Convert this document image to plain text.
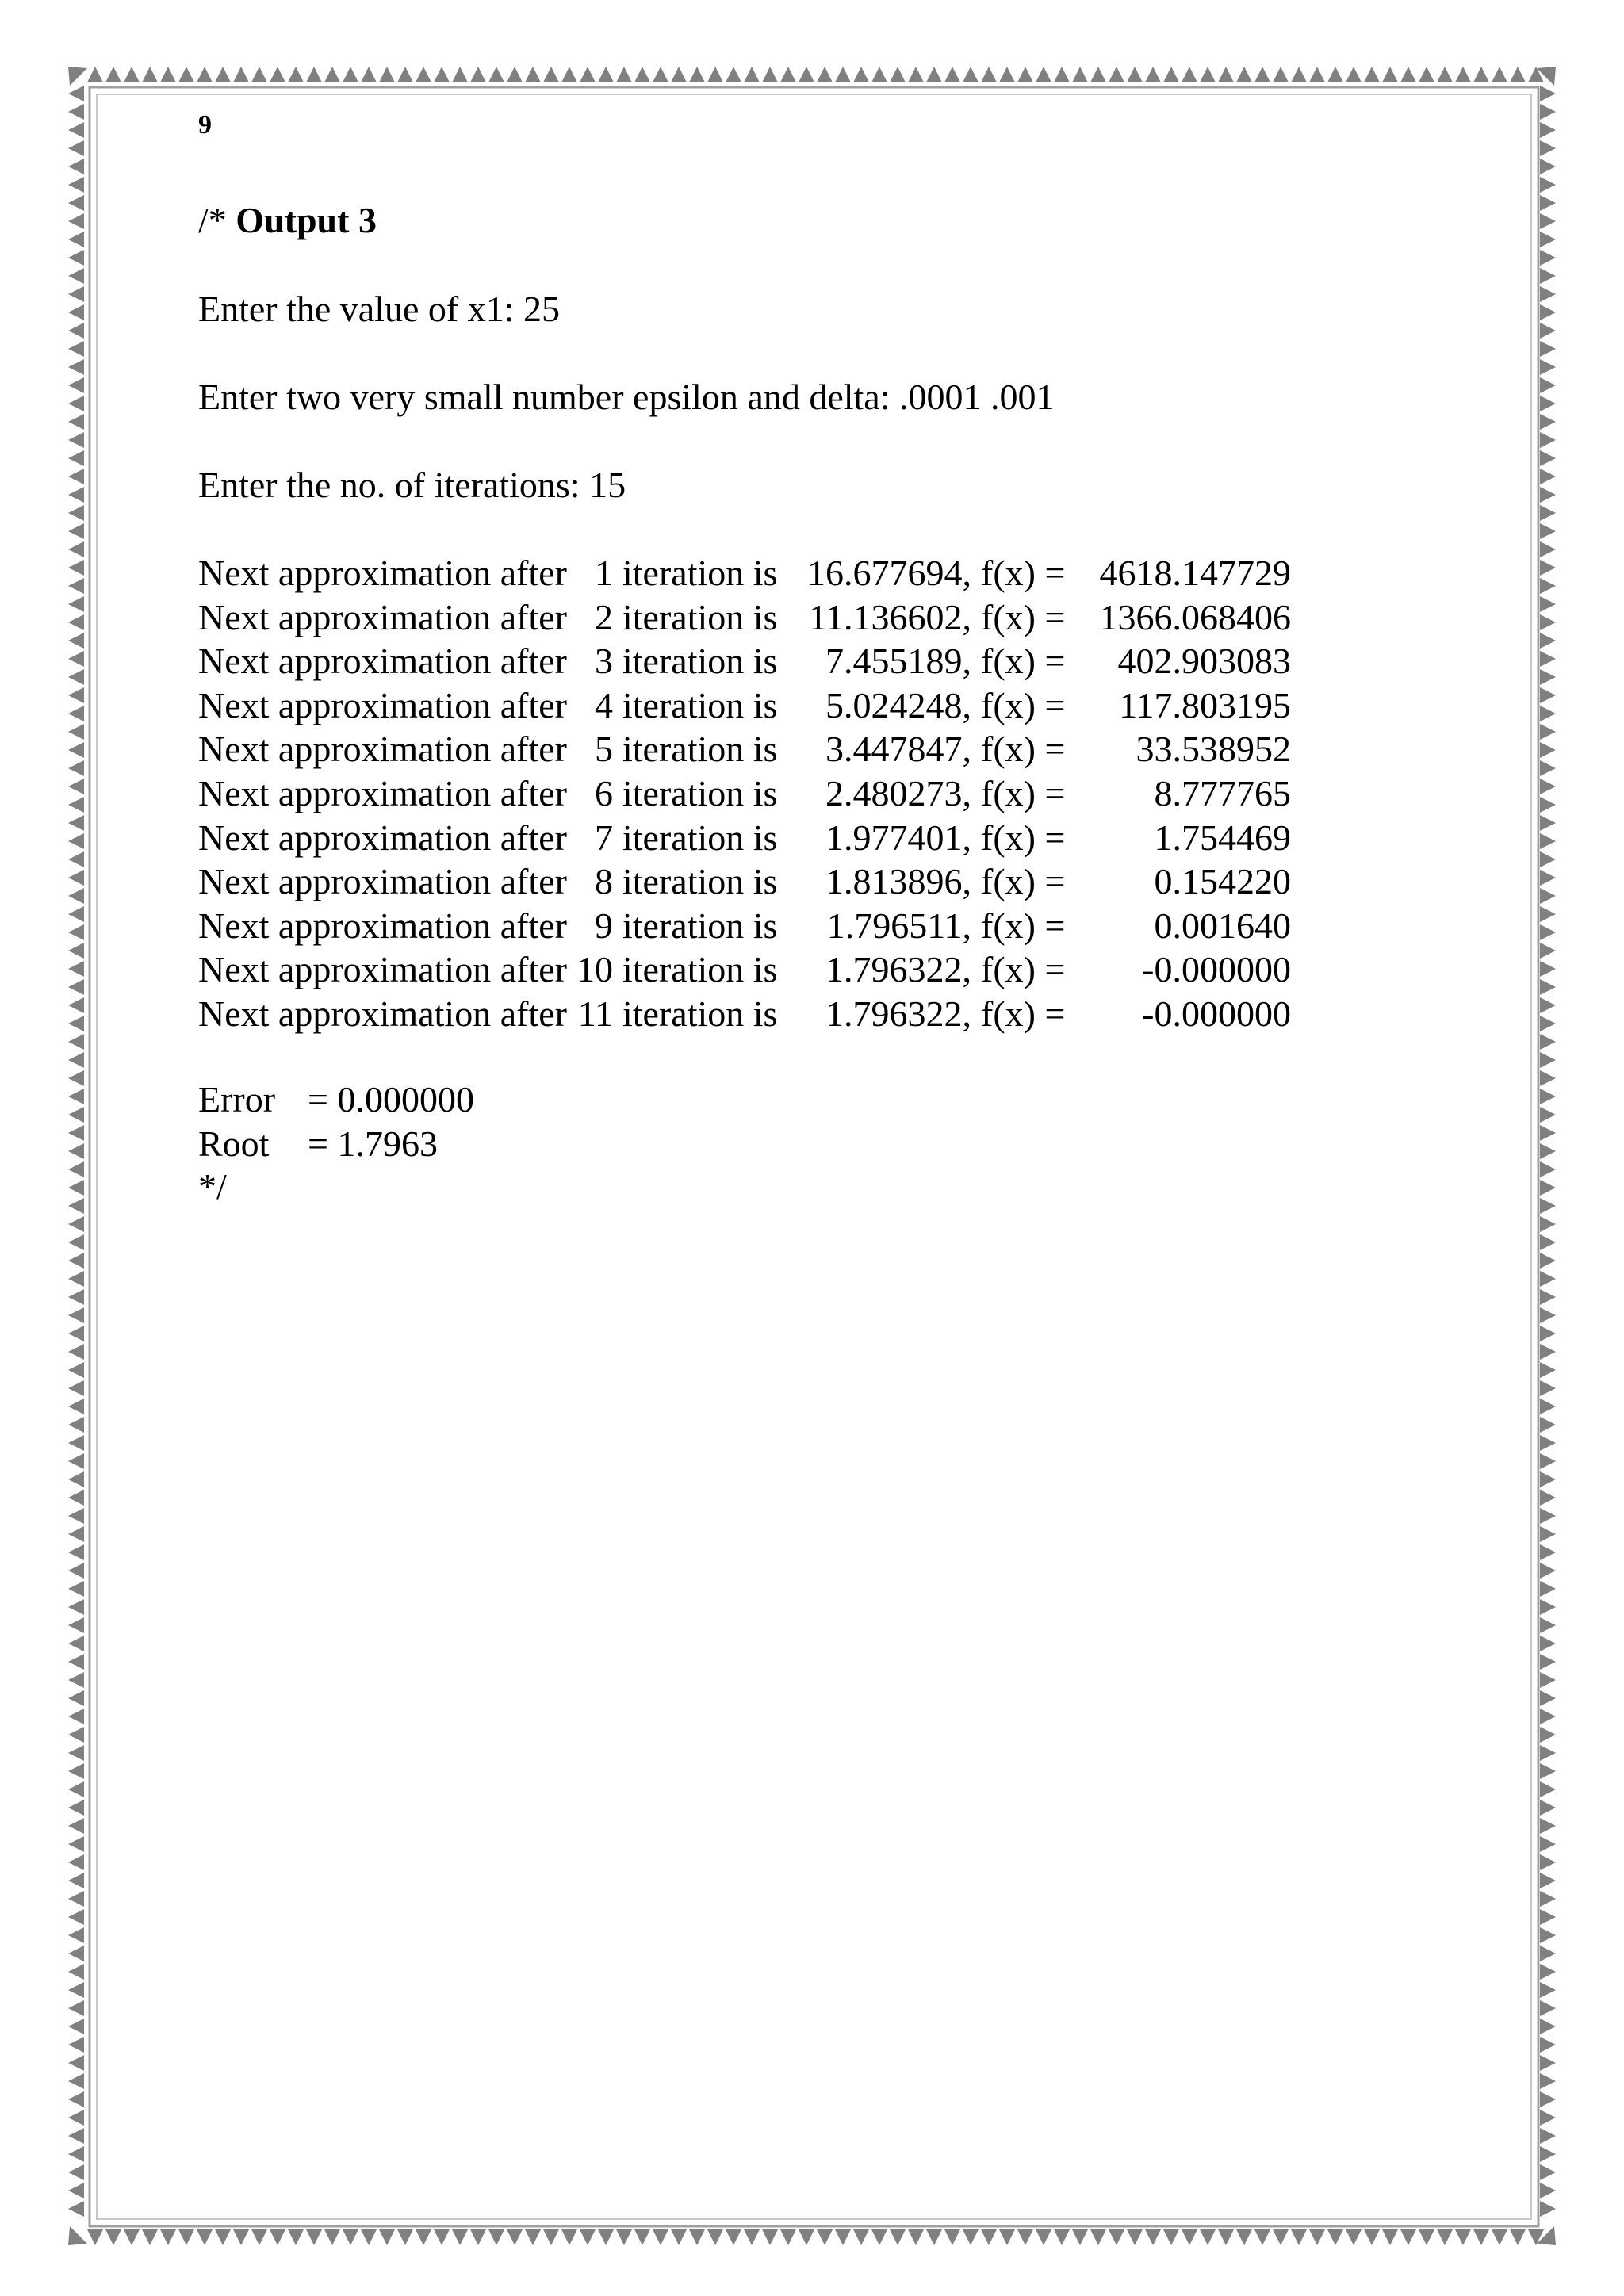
9
/* Output 3
Enter the value of x1: 25
Enter two very small number epsilon and delta: .0001 .001
Enter the no. of iterations: 15
Next approximation after 1 iteration is 16.677694, f(x) = 4618.147729
Next approximation after 2 iteration is 11.136602, f(x) = 1366.068406
Next approximation after 3 iteration is	7.455189, f(x) =	402.903083
Next approximation after 4 iteration is	5.024248, f(x) =	117.803195
Next approximation after 5 iteration is	3.447847, f(x) =	33.538952
Next approximation after 6 iteration is	2.480273, f(x) =	8.777765
Next approximation after 7 iteration is	1.977401, f(x) =	1.754469
Next approximation after 8 iteration is	1.813896, f(x) =	0.154220
Next approximation after 9 iteration is	1.796511, f(x) =	0.001640
Next approximation after 10 iteration is	1.796322, f(x) =	-0.000000
Next approximation after 11 iteration is	1.796322, f(x) =	-0.000000
Error = 0.000000
Root = 1.7963
*/
